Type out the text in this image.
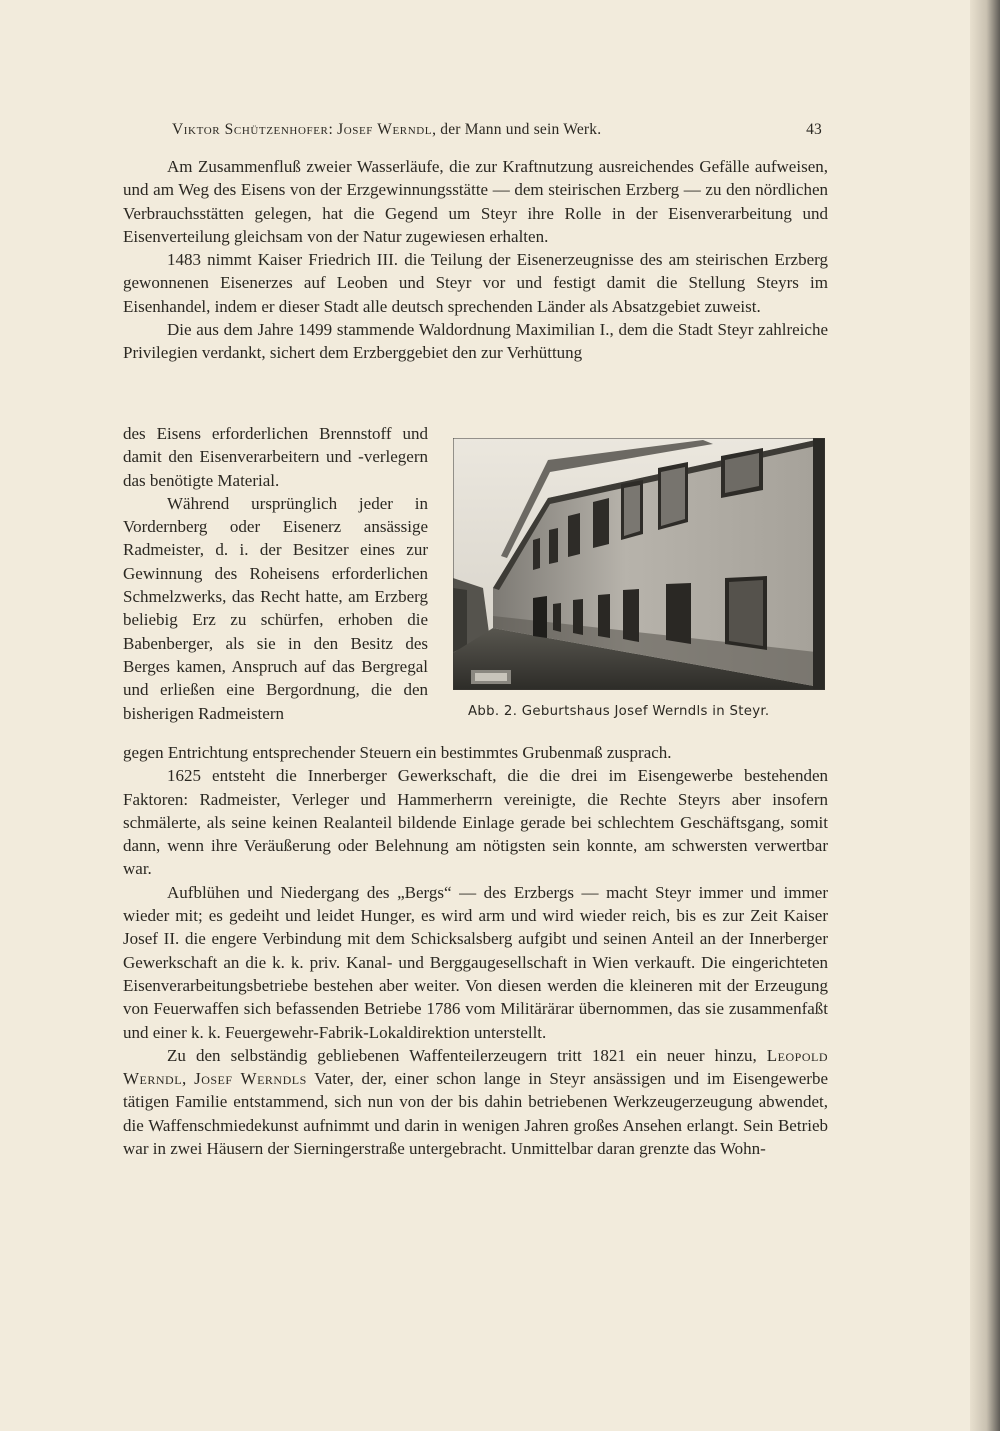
Viktor Schützenhofer: Josef Werndl, der Mann und sein Werk.	43

Am Zusammenfluß zweier Wasserläufe, die zur Kraftnutzung ausreichendes Gefälle aufweisen, und am Weg des Eisens von der Erzgewinnungsstätte — dem steirischen Erzberg — zu den nördlichen Verbrauchsstätten gelegen, hat die Gegend um Steyr ihre Rolle in der Eisenverarbeitung und Eisenverteilung gleichsam von der Natur zugewiesen erhalten.

1483 nimmt Kaiser Friedrich III. die Teilung der Eisenerzeugnisse des am steirischen Erzberg gewonnenen Eisenerzes auf Leoben und Steyr vor und festigt damit die Stellung Steyrs im Eisenhandel, indem er dieser Stadt alle deutsch sprechenden Länder als Absatzgebiet zuweist.

Die aus dem Jahre 1499 stammende Waldordnung Maximilian I., dem die Stadt Steyr zahlreiche Privilegien verdankt, sichert dem Erzberggebiet den zur Verhüttung

des Eisens erforderlichen Brennstoff und damit den Eisenverarbeitern und -verlegern das benötigte Material.

Während ursprünglich jeder in Vordernberg oder Eisenerz ansässige Radmeister, d. i. der Besitzer eines zur Gewinnung des Roheisens erforderlichen Schmelzwerks, das Recht hatte, am Erzberg beliebig Erz zu schürfen, erhoben die Babenberger, als sie in den Besitz des Berges kamen, Anspruch auf das Bergregal und erließen eine Bergordnung, die den bisherigen Radmeistern	Abb. 2. Geburtshaus Josef Werndls in Steyr.

gegen Entrichtung entsprechender Steuern ein bestimmtes Grubenmaß zusprach.

1625 entsteht die Innerberger Gewerkschaft, die die drei im Eisengewerbe bestehenden Faktoren: Radmeister, Verleger und Hammerherrn vereinigte, die Rechte Steyrs aber insofern schmälerte, als seine keinen Realanteil bildende Einlage gerade bei schlechtem Geschäftsgang, somit dann, wenn ihre Veräußerung oder Belehnung am nötigsten sein konnte, am schwersten verwertbar war.

Aufblühen und Niedergang des „Bergs“ — des Erzbergs — macht Steyr immer und immer wieder mit; es gedeiht und leidet Hunger, es wird arm und wird wieder reich, bis es zur Zeit Kaiser Josef II. die engere Verbindung mit dem Schicksalsberg aufgibt und seinen Anteil an der Innerberger Gewerkschaft an die k. k. priv. Kanal- und Berggaugesellschaft in Wien verkauft. Die eingerichteten Eisenverarbeitungsbetriebe bestehen aber weiter. Von diesen werden die kleineren mit der Erzeugung von Feuerwaffen sich befassenden Betriebe 1786 vom Militärärar übernommen, das sie zusammenfaßt und einer k. k. Feuergewehr-Fabrik-Lokaldirektion unterstellt.

Zu den selbständig gebliebenen Waffenteilerzeugern tritt 1821 ein neuer hinzu, Leopold Werndl, Josef Werndls Vater, der, einer schon lange in Steyr ansässigen und im Eisengewerbe tätigen Familie entstammend, sich nun von der bis dahin betriebenen Werkzeugerzeugung abwendet, die Waffenschmiedekunst aufnimmt und darin in wenigen Jahren großes Ansehen erlangt. Sein Betrieb war in zwei Häusern der Sierningerstraße untergebracht. Unmittelbar daran grenzte das Wohn-
